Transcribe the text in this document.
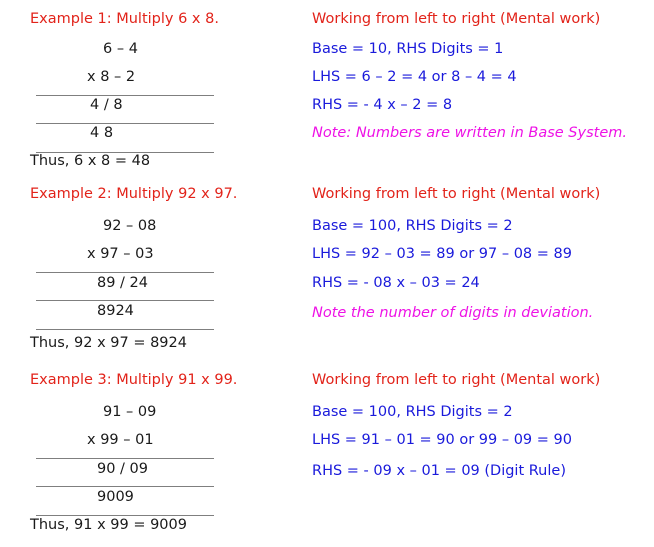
Example 1: Multiply 6 x 8.
6 – 4
x 8 – 2
4 / 8
4 8
Thus, 6 x 8 = 48
Working from left to right (Mental work)
Base = 10, RHS Digits = 1
LHS = 6 – 2 = 4 or 8 – 4 = 4
RHS = - 4 x – 2 = 8
Note: Numbers are written in Base System.
Example 2: Multiply 92 x 97.
92 – 08
x 97 – 03
89 / 24
8924
Thus, 92 x 97 = 8924
Working from left to right (Mental work)
Base = 100, RHS Digits = 2
LHS = 92 – 03 = 89 or 97 – 08 = 89
RHS = - 08 x – 03 = 24
Note the number of digits in deviation.
Example 3: Multiply 91 x 99.
91 – 09
x 99 – 01
90 / 09
9009
Thus, 91 x 99 = 9009
Working from left to right (Mental work)
Base = 100, RHS Digits = 2
LHS = 91 – 01 = 90 or 99 – 09 = 90
RHS = - 09 x – 01 = 09 (Digit Rule)
